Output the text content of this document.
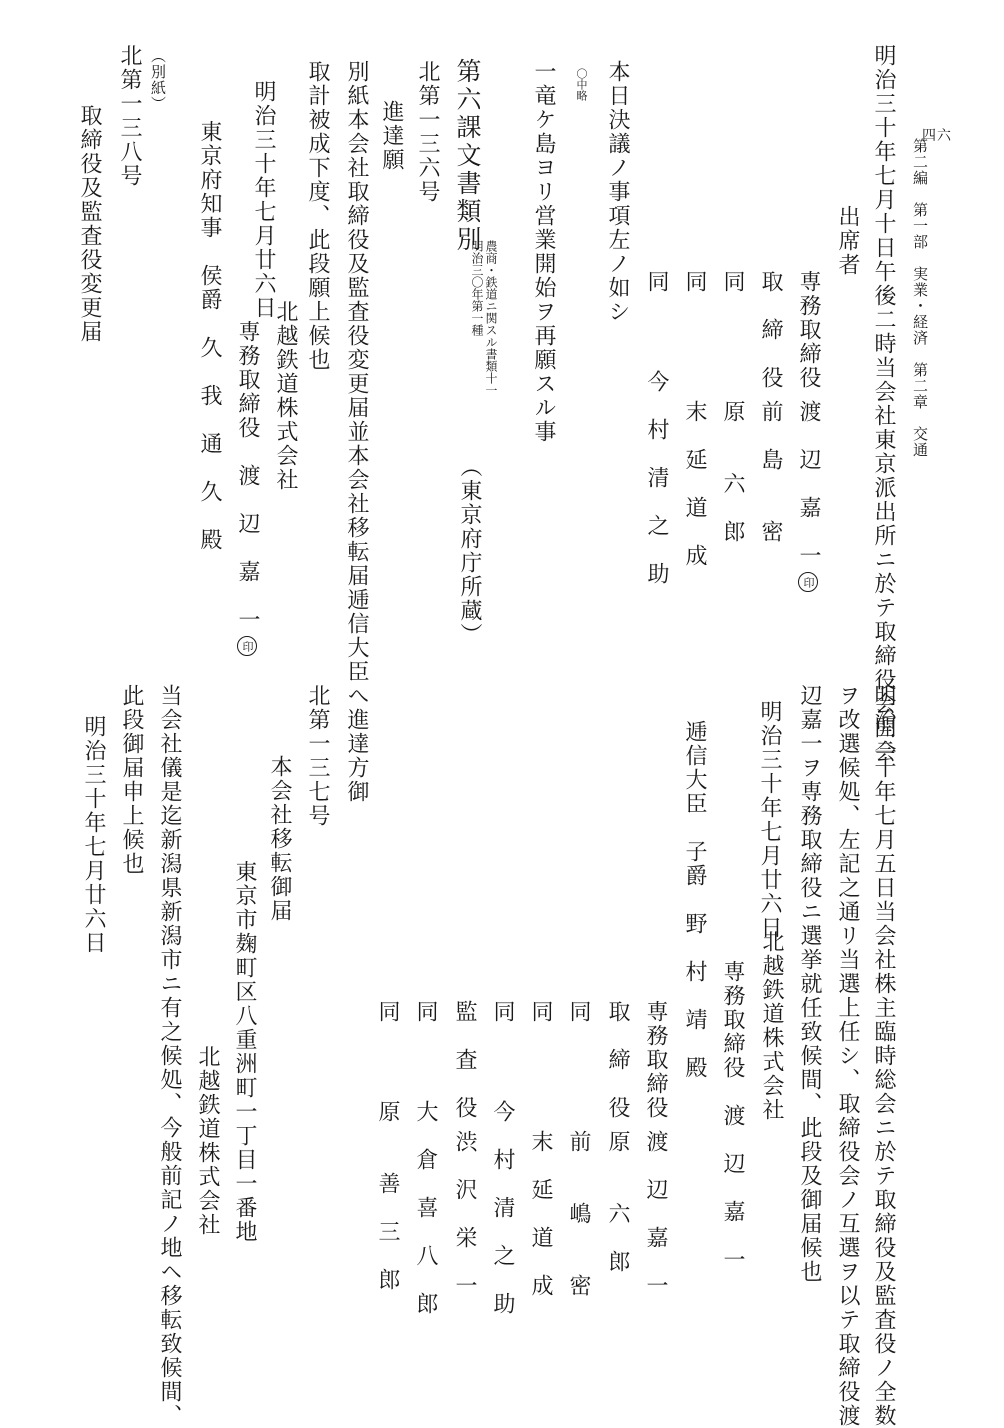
第二編　第一部　実業・経済　第二章　交通
四六
明治三十年七月十日午後二時当会社東京派出所ニ於テ取締役会開会
出席者
専務取締役
渡　辺　嘉　一印
取　締　役
前　島　　密
同
原　　六　郎
同
末　延　道　成
同
今　村　清　之　助
本日決議ノ事項左ノ如シ
〇中略
一竜ケ島ヨリ営業開始ヲ再願スル事
第六課文書類別
農商・鉄道ニ関スル書類十一
明治三〇年第一種
（東京府庁所蔵）
北第一三六号
進達願
別紙本会社取締役及監査役変更届並本会社移転届逓信大臣へ進達方御
取計被成下度、此段願上候也
北越鉄道株式会社
明治三十年七月廿六日
専務取締役　渡　辺　嘉　一印
東京府知事　侯爵　久　我　通　久　殿
（別紙）
北第一三八号
取締役及監査役変更届
明治三十年七月五日当会社株主臨時総会ニ於テ取締役及監査役ノ全数
ヲ改選候処、左記之通リ当選上任シ、取締役会ノ互選ヲ以テ取締役渡
辺嘉一ヲ専務取締役ニ選挙就任致候間、此段及御届候也
明治三十年七月廿六日
北越鉄道株式会社
専務取締役　渡　辺　嘉　一
逓信大臣　子爵　野　村　靖　殿
専務取締役
渡　辺　嘉　一
取　締　役
原　　六　郎
同
前　　嶋　　密
同
末　延　道　成
同
今　村　清　之　助
監　査　役
渋　沢　栄　一
同
大　倉　喜　八　郎
同
原　　善　三　郎
北第一三七号
本会社移転御届
東京市麹町区八重洲町一丁目一番地
北越鉄道株式会社
当会社儀是迄新潟県新潟市ニ有之候処、今般前記ノ地ヘ移転致候間、
此段御届申上候也
明治三十年七月廿六日
